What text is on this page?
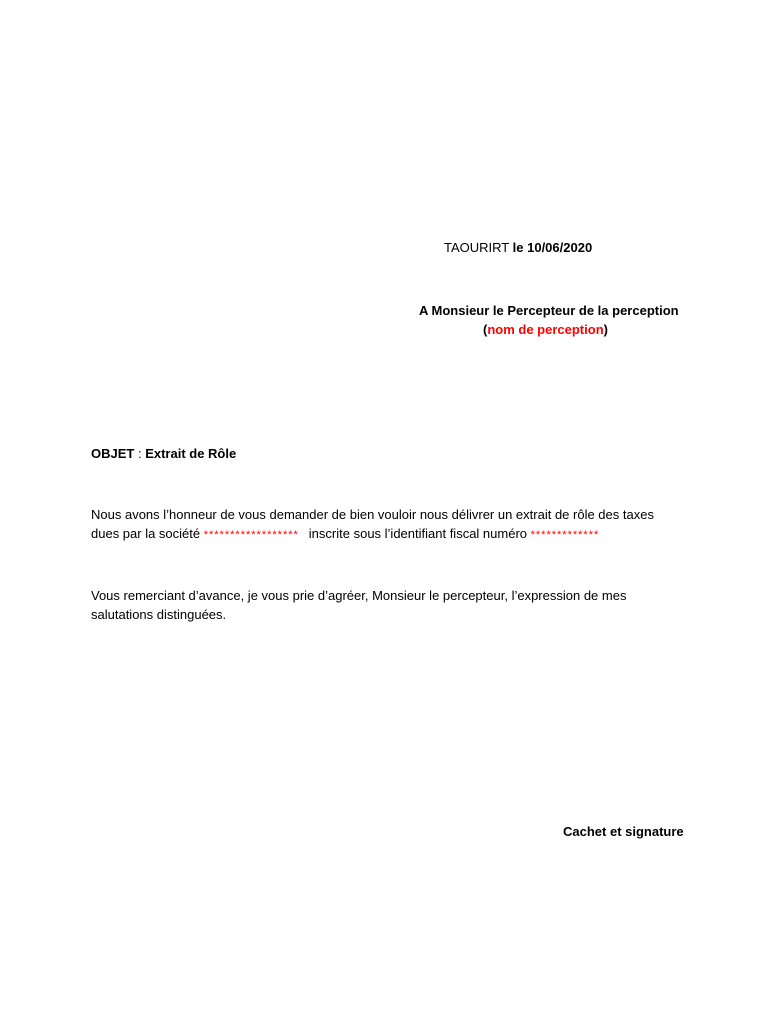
TAOURIRT le 10/06/2020
A Monsieur le Percepteur de la perception
(nom de perception)
OBJET : Extrait de Rôle
Nous avons l’honneur de vous demander de bien vouloir nous délivrer un extrait de rôle des taxes
dues par la société ****************** inscrite sous l’identifiant fiscal numéro *************
Vous remerciant d’avance, je vous prie d’agréer, Monsieur le percepteur, l’expression de mes
salutations distinguées.
Cachet et signature
